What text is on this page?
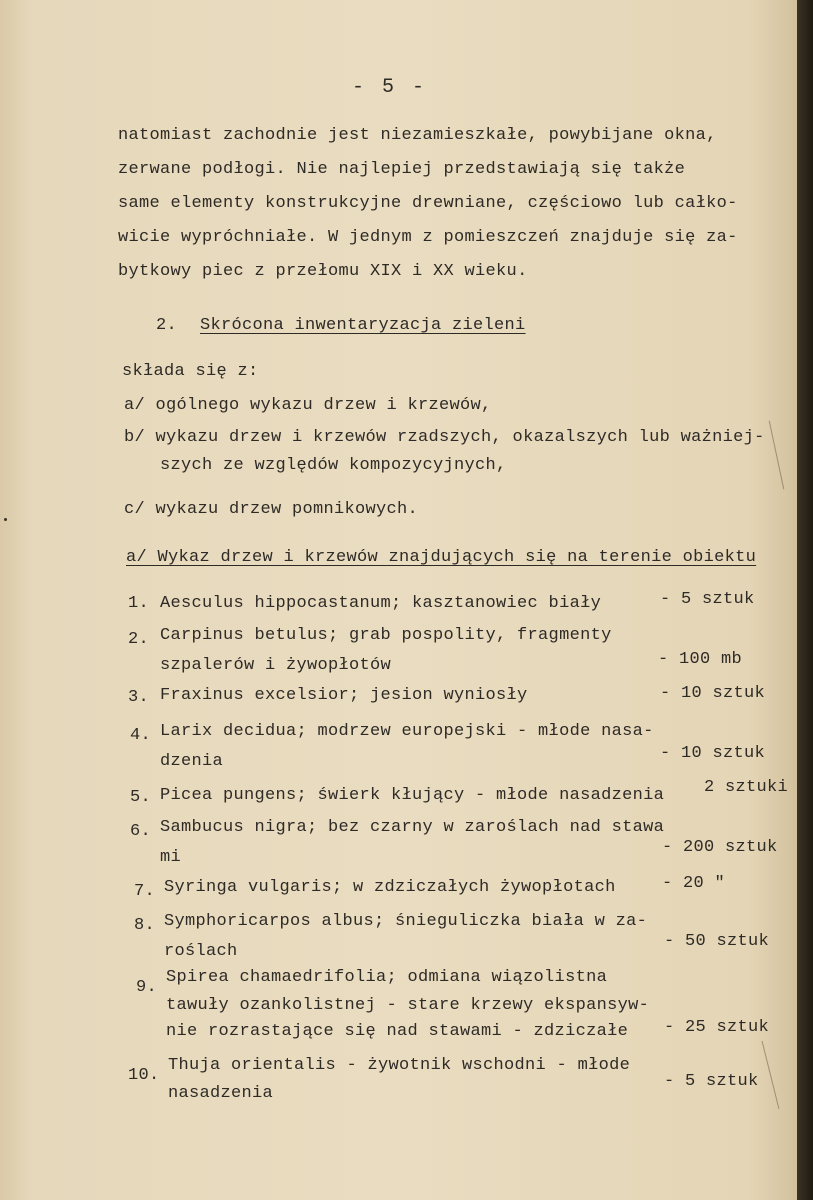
- 5 -
natomiast zachodnie jest niezamieszkałe, powybijane okna,
zerwane podłogi. Nie najlepiej przedstawiają się także
same elementy konstrukcyjne drewniane, częściowo lub całko-
wicie wypróchniałe. W jednym z pomieszczeń znajduje się za-
bytkowy piec z przełomu XIX i XX wieku.
2. Skrócona inwentaryzacja zieleni
składa się z:
a/ ogólnego wykazu drzew i krzewów,
b/ wykazu drzew i krzewów rzadszych, okazalszych lub ważniej-
szych ze względów kompozycyjnych,
c/ wykazu drzew pomnikowych.
a/ Wykaz drzew i krzewów znajdujących się na terenie obiektu
1. Aesculus hippocastanum; kasztanowiec biały	- 5 sztuk
2. Carpinus betulus; grab pospolity, fragmenty
szpalerów i żywopłotów	- 100 mb
3. Fraxinus excelsior; jesion wyniosły	- 10 sztuk
4. Larix decidua; modrzew europejski - młode nasa-
dzenia	- 10 sztuk
5. Picea pungens; świerk kłujący - młode nasadzenia 2 sztuki
6. Sambucus nigra; bez czarny w zaroślach nad stawa
mi
- 200 sztuk
7. Syringa vulgaris; w zdziczałych żywopłotach	- 20 "
8. Symphoricarpos albus; śnieguliczka biała w za-
roślach
- 50 sztuk
9.
Spirea chamaedrifolia; odmiana wiązolistna
tawuły ozankolistnej - stare krzewy ekspansyw-
nie rozrastające się nad stawami - zdziczałe - 25 sztuk
10.
Thuja orientalis - żywotnik wschodni - młode
nasadzenia
- 5 sztuk
